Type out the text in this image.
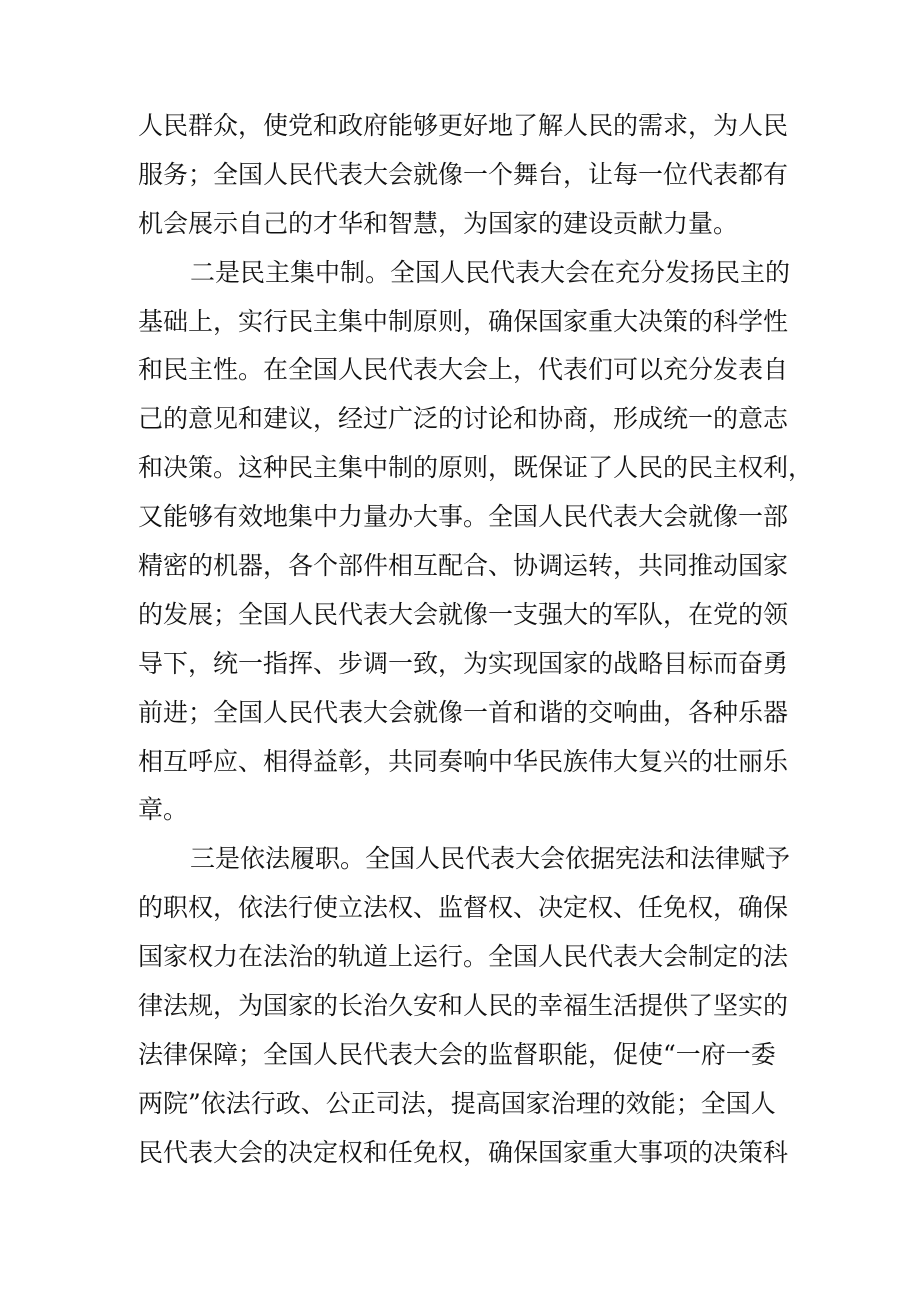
人民群众，使党和政府能够更好地了解人民的需求，为人民
服务；全国人民代表大会就像一个舞台，让每一位代表都有
机会展示自己的才华和智慧，为国家的建设贡献力量。
二是民主集中制。全国人民代表大会在充分发扬民主的
基础上，实行民主集中制原则，确保国家重大决策的科学性
和民主性。在全国人民代表大会上，代表们可以充分发表自
己的意见和建议，经过广泛的讨论和协商，形成统一的意志
和决策。这种民主集中制的原则，既保证了人民的民主权利，
又能够有效地集中力量办大事。全国人民代表大会就像一部
精密的机器，各个部件相互配合、协调运转，共同推动国家
的发展；全国人民代表大会就像一支强大的军队，在党的领
导下，统一指挥、步调一致，为实现国家的战略目标而奋勇
前进；全国人民代表大会就像一首和谐的交响曲，各种乐器
相互呼应、相得益彰，共同奏响中华民族伟大复兴的壮丽乐
章。
三是依法履职。全国人民代表大会依据宪法和法律赋予
的职权，依法行使立法权、监督权、决定权、任免权，确保
国家权力在法治的轨道上运行。全国人民代表大会制定的法
律法规，为国家的长治久安和人民的幸福生活提供了坚实的
法律保障；全国人民代表大会的监督职能，促使“一府一委
两院”依法行政、公正司法，提高国家治理的效能；全国人
民代表大会的决定权和任免权，确保国家重大事项的决策科
